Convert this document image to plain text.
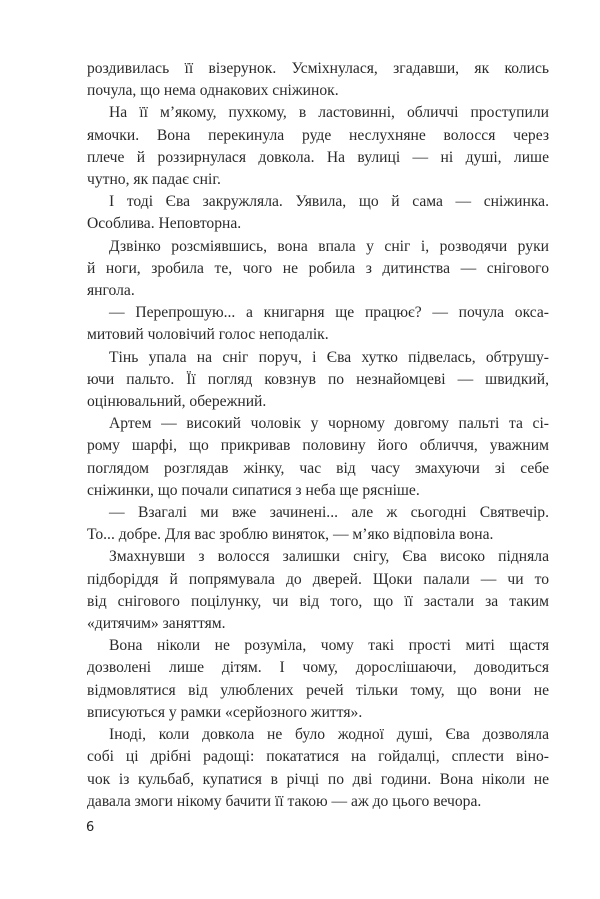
роздивилась її візерунок. Усміхнулася, згадавши, як колись
почула, що нема однакових сніжинок.

На її м’якому, пухкому, в ластовинні, обличчі проступили
ямочки. Вона перекинула руде неслухняне волосся через
плече й роззирнулася довкола. На вулиці — ні душі, лише
чутно, як падає сніг.

І тоді Єва закружляла. Уявила, що й сама — сніжинка.
Особлива. Неповторна.

Дзвінко розсміявшись, вона впала у сніг і, розводячи руки
й ноги, зробила те, чого не робила з дитинства — снігового
янгола.

— Перепрошую... а книгарня ще працює? — почула окса-
митовий чоловічий голос неподалік.

Тінь упала на сніг поруч, і Єва хутко підвелась, обтрушу-
ючи пальто. Її погляд ковзнув по незнайомцеві — швидкий,
оцінювальний, обережний.

Артем — високий чоловік у чорному довгому пальті та сі-
рому шарфі, що прикривав половину його обличчя, уважним
поглядом розглядав жінку, час від часу змахуючи зі себе
сніжинки, що почали сипатися з неба ще рясніше.

— Взагалі ми вже зачинені... але ж сьогодні Святвечір.
То... добре. Для вас зроблю виняток, — м’яко відповіла вона.

Змахнувши з волосся залишки снігу, Єва високо підняла
підборіддя й попрямувала до дверей. Щоки палали — чи то
від снігового поцілунку, чи від того, що її застали за таким
«дитячим» заняттям.

Вона ніколи не розуміла, чому такі прості миті щастя
дозволені лише дітям. І чому, дорослішаючи, доводиться
відмовлятися від улюблених речей тільки тому, що вони не
вписуються у рамки «серйозного життя».

Іноді, коли довкола не було жодної душі, Єва дозволяла
собі ці дрібні радощі: покататися на гойдалці, сплести віно-
чок із кульбаб, купатися в річці по дві години. Вона ніколи не
давала змоги нікому бачити її такою — аж до цього вечора.

6
